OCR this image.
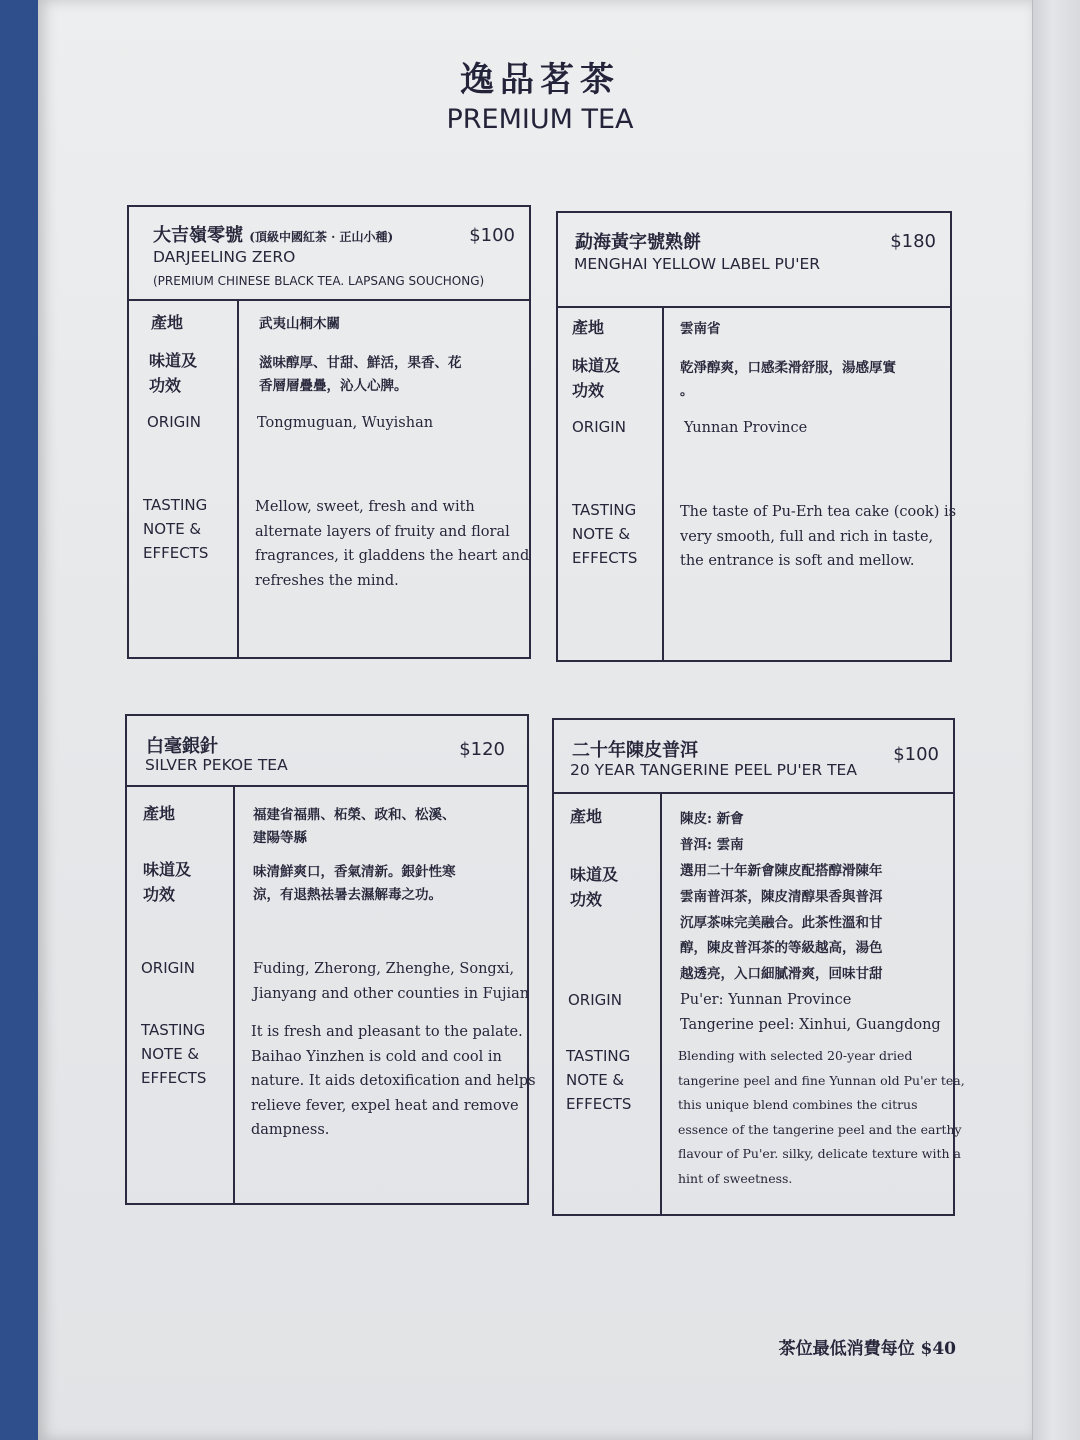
逸品茗茶
PREMIUM TEA
大吉嶺零號 (頂級中國紅茶 · 正山小種)
DARJEELING ZERO
(PREMIUM CHINESE BLACK TEA. LAPSANG SOUCHONG)
$100
產地
味道及
功效
ORIGIN
TASTING
NOTE &
EFFECTS
武夷山桐木關
滋味醇厚、甘甜、鮮活，果香、花
香層層疊疊，沁人心脾。
Tongmuguan, Wuyishan
Mellow, sweet, fresh and with
alternate layers of fruity and floral
fragrances, it gladdens the heart and
refreshes the mind.
勐海黃字號熟餅
MENGHAI YELLOW LABEL PU'ER
$180
產地
味道及
功效
ORIGIN
TASTING
NOTE &
EFFECTS
雲南省
乾淨醇爽，口感柔滑舒服，湯感厚實
。
Yunnan Province
The taste of Pu-Erh tea cake (cook) is
very smooth, full and rich in taste,
the entrance is soft and mellow.
白毫銀針
SILVER PEKOE TEA
$120
產地
味道及
功效
ORIGIN
TASTING
NOTE &
EFFECTS
福建省福鼎、柘榮、政和、松溪、
建陽等縣
味清鮮爽口，香氣清新。銀針性寒
涼，有退熱祛暑去濕解毒之功。
Fuding, Zherong, Zhenghe, Songxi,
Jianyang and other counties in Fujian
It is fresh and pleasant to the palate.
Baihao Yinzhen is cold and cool in
nature. It aids detoxification and helps
relieve fever, expel heat and remove
dampness.
二十年陳皮普洱
20 YEAR TANGERINE PEEL PU'ER TEA
$100
產地
味道及
功效
ORIGIN
TASTING
NOTE &
EFFECTS
陳皮: 新會
普洱: 雲南
選用二十年新會陳皮配搭醇滑陳年
雲南普洱茶，陳皮清醇果香與普洱
沉厚茶味完美融合。此茶性溫和甘
醇，陳皮普洱茶的等級越高，湯色
越透亮，入口細膩滑爽，回味甘甜
Pu'er: Yunnan Province
Tangerine peel: Xinhui, Guangdong
Blending with selected 20-year dried
tangerine peel and fine Yunnan old Pu'er tea,
this unique blend combines the citrus
essence of the tangerine peel and the earthy
flavour of Pu'er. silky, delicate texture with a
hint of sweetness.
茶位最低消費每位 $40
